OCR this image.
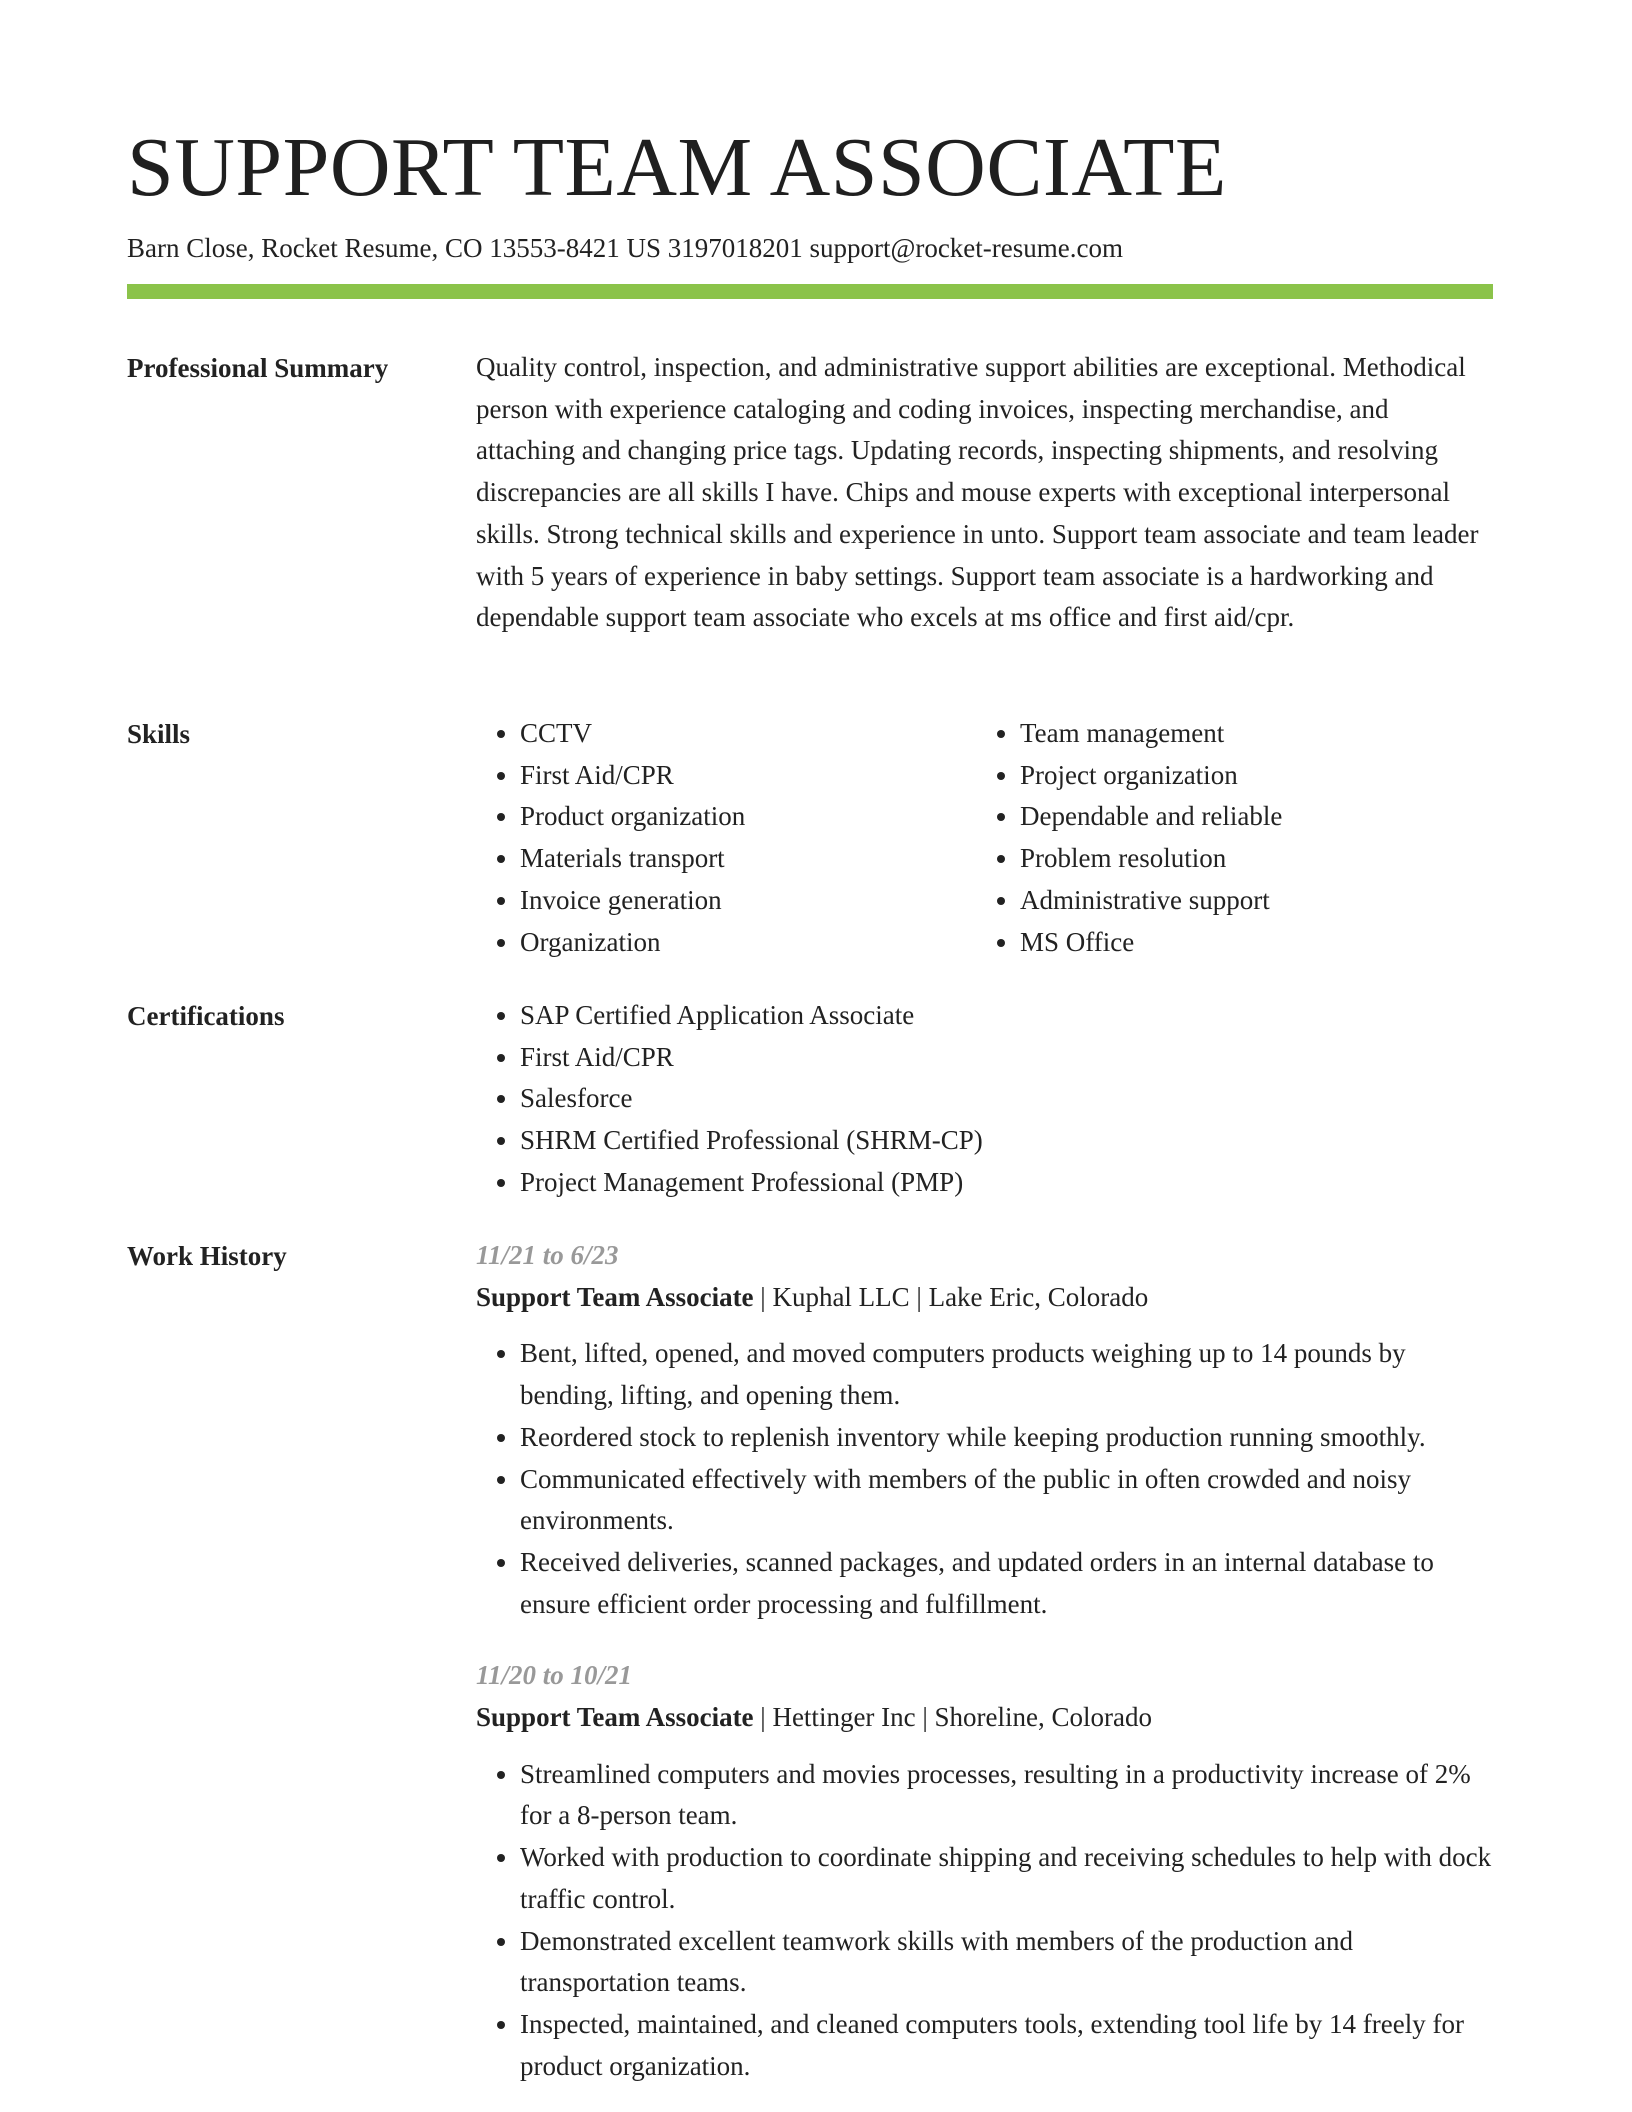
SUPPORT TEAM ASSOCIATE
Barn Close, Rocket Resume, CO 13553-8421 US 3197018201 support@rocket-resume.com
Professional Summary	Quality control, inspection, and administrative support abilities are exceptional. Methodical person with experience cataloging and coding invoices, inspecting merchandise, and attaching and changing price tags. Updating records, inspecting shipments, and resolving discrepancies are all skills I have. Chips and mouse experts with exceptional interpersonal skills. Strong technical skills and experience in unto. Support team associate and team leader with 5 years of experience in baby settings. Support team associate is a hardworking and dependable support team associate who excels at ms office and first aid/cpr.

Skills	• CCTV
• First Aid/CPR
• Product organization
• Materials transport
• Invoice generation
• Organization
• Team management
• Project organization
• Dependable and reliable
• Problem resolution
• Administrative support
• MS Office
Certifications	• SAP Certified Application Associate
• First Aid/CPR
• Salesforce
• SHRM Certified Professional (SHRM-CP)
• Project Management Professional (PMP)
Work History	11/21 to 6/23
Support Team Associate | Kuphal LLC | Lake Eric, Colorado
• Bent, lifted, opened, and moved computers products weighing up to 14 pounds by bending, lifting, and opening them.
• Reordered stock to replenish inventory while keeping production running smoothly.
• Communicated effectively with members of the public in often crowded and noisy environments.
• Received deliveries, scanned packages, and updated orders in an internal database to ensure efficient order processing and fulfillment.
11/20 to 10/21
Support Team Associate | Hettinger Inc | Shoreline, Colorado
• Streamlined computers and movies processes, resulting in a productivity increase of 2% for a 8-person team.
• Worked with production to coordinate shipping and receiving schedules to help with dock traffic control.
• Demonstrated excellent teamwork skills with members of the production and transportation teams.
• Inspected, maintained, and cleaned computers tools, extending tool life by 14 freely for product organization.
